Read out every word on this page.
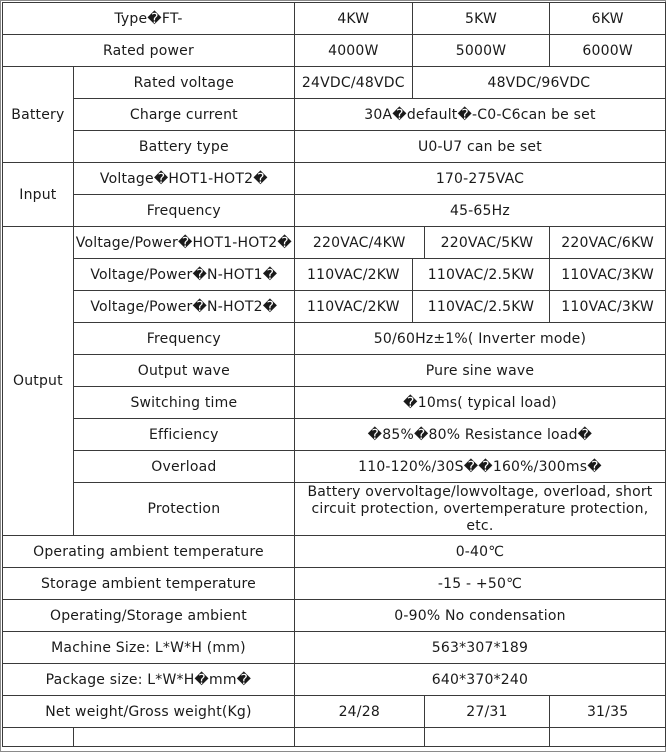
Type�FT-		4KW	5KW		6KW
Rated power		4000W	5000W		6000W
Battery	Rated voltage	24VDC/48VDC	48VDC/96VDC		
	Charge current	30A�default�-C0-C6can be set			
	Battery type	U0-U7 can be set			
Input	Voltage�HOT1-HOT2�	170-275VAC			
	Frequency	45-65Hz			
Output	Voltage/Power�HOT1-HOT2�	220VAC/4KW		220VAC/5KW	220VAC/6KW
	Voltage/Power�N-HOT1�	110VAC/2KW	110VAC/2.5KW		110VAC/3KW
	Voltage/Power�N-HOT2�	110VAC/2KW	110VAC/2.5KW		110VAC/3KW
	Frequency	50/60Hz±1%( Inverter mode)			
	Output wave	Pure sine wave			
	Switching time	�10ms( typical load)			
	Efficiency	�85%�80% Resistance load�			
	Overload	110-120%/30S��160%/300ms�			
	Protection	Battery overvoltage/lowvoltage, overload, short circuit protection, overtemperature protection, etc.			
Operating ambient temperature		0-40℃			
Storage ambient temperature		-15 - +50℃			
Operating/Storage ambient		0-90% No condensation			
Machine Size: L*W*H (mm)		563*307*189			
Package size: L*W*H�mm�		640*370*240			
Net weight/Gross weight(Kg)		24/28		27/31	31/35
